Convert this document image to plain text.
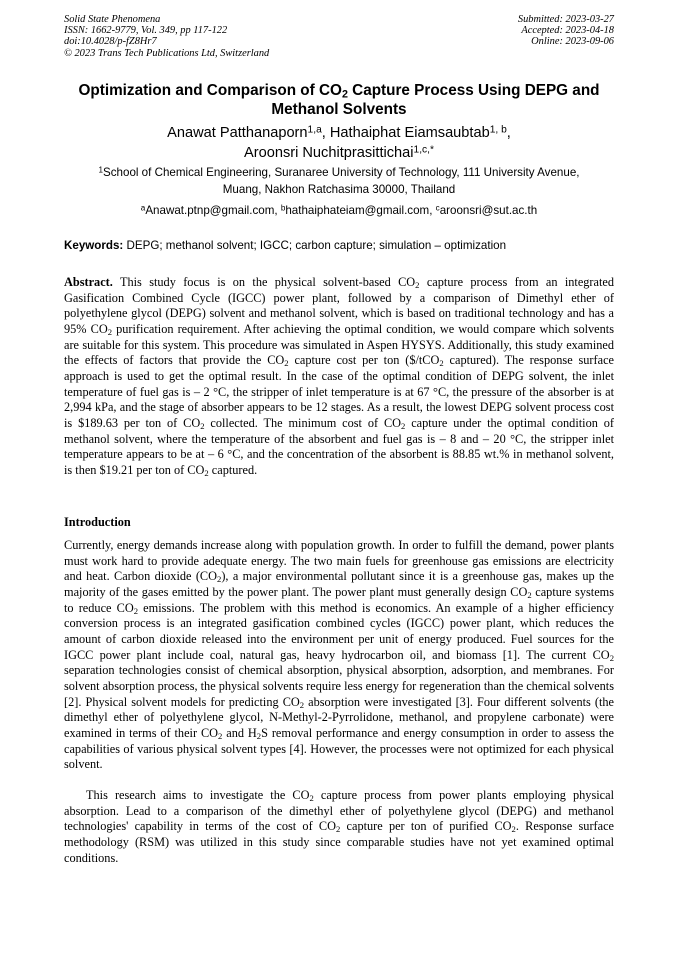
Solid State Phenomena
ISSN: 1662-9779, Vol. 349, pp 117-122
doi:10.4028/p-fZ8Hr7
© 2023 Trans Tech Publications Ltd, Switzerland
Submitted: 2023-03-27
Accepted: 2023-04-18
Online: 2023-09-06
Optimization and Comparison of $CO_2$ Capture Process Using DEPG and
Methanol Solvents
Anawat Patthanaporn$^{1,a}$, Hathaiphat Eiamsaubtab$^{1, b}$,
Aroonsri Nuchitprasittichai$^{1,c,*}$
$^1$School of Chemical Engineering, Suranaree University of Technology, 111 University Avenue,
Muang, Nakhon Ratchasima 30000, Thailand
$^a$Anawat.ptnp@gmail.com, $^b$hathaiphateiam@gmail.com, $^c$aroonsri@sut.ac.th
Keywords: DEPG; methanol solvent; IGCC; carbon capture; simulation – optimization
Abstract. This study focus is on the physical solvent-based $CO_2$ capture process from an integrated Gasification Combined Cycle (IGCC) power plant, followed by a comparison of Dimethyl ether of polyethylene glycol (DEPG) solvent and methanol solvent, which is based on traditional technology and has a 95% $CO_2$ purification requirement. After achieving the optimal condition, we would compare which solvents are suitable for this system. This procedure was simulated in Aspen HYSYS. Additionally, this study examined the effects of factors that provide the $CO_2$ capture cost per ton ($/tCO$_2$ captured). The response surface approach is used to get the optimal result. In the case of the optimal condition of DEPG solvent, the inlet temperature of fuel gas is – 2 °C, the stripper of inlet temperature is at 67 °C, the pressure of the absorber is at 2,994 kPa, and the stage of absorber appears to be 12 stages. As a result, the lowest DEPG solvent process cost is $189.63 per ton of $CO_2$ collected. The minimum cost of $CO_2$ capture under the optimal condition of methanol solvent, where the temperature of the absorbent and fuel gas is – 8 and – 20 °C, the stripper inlet temperature appears to be at – 6 °C, and the concentration of the absorbent is 88.85 wt.% in methanol solvent, is then $19.21 per ton of $CO_2$ captured.
Introduction
Currently, energy demands increase along with population growth. In order to fulfill the demand, power plants must work hard to provide adequate energy. The two main fuels for greenhouse gas emissions are electricity and heat. Carbon dioxide $(CO_2)$, a major environmental pollutant since it is a greenhouse gas, makes up the majority of the gases emitted by the power plant. The power plant must generally design $CO_2$ capture systems to reduce $CO_2$ emissions. The problem with this method is economics. An example of a higher efficiency conversion process is an integrated gasification combined cycles (IGCC) power plant, which reduces the amount of carbon dioxide released into the environment per unit of energy produced. Fuel sources for the IGCC power plant include coal, natural gas, heavy hydrocarbon oil, and biomass [1]. The current $CO_2$ separation technologies consist of chemical absorption, physical absorption, adsorption, and membranes. For solvent absorption process, the physical solvents require less energy for regeneration than the chemical solvents [2]. Physical solvent models for predicting $CO_2$ absorption were investigated [3]. Four different solvents (the dimethyl ether of polyethylene glycol, N-Methyl-2-Pyrrolidone, methanol, and propylene carbonate) were examined in terms of their $CO_2$ and $H_2S$ removal performance and energy consumption in order to assess the capabilities of various physical solvent types [4]. However, the processes were not optimized for each physical solvent.
This research aims to investigate the $CO_2$ capture process from power plants employing physical absorption. Lead to a comparison of the dimethyl ether of polyethylene glycol (DEPG) and methanol technologies' capability in terms of the cost of $CO_2$ capture per ton of purified $CO_2$. Response surface methodology (RSM) was utilized in this study since comparable studies have not yet examined optimal conditions.
